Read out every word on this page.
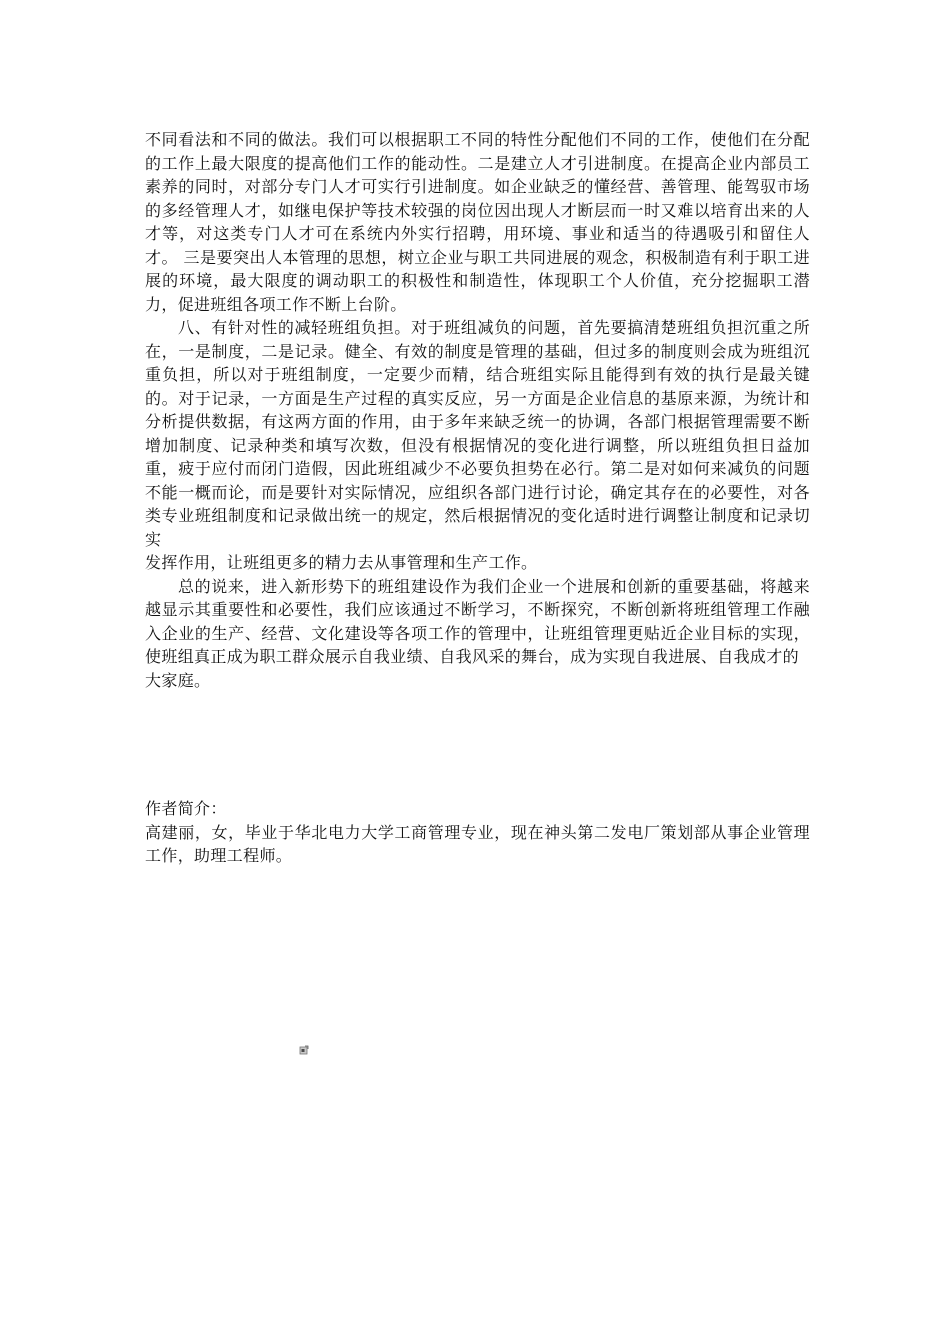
不同看法和不同的做法。我们可以根据职工不同的特性分配他们不同的工作，使他们在分配的工作上最大限度的提高他们工作的能动性。二是建立人才引进制度。在提高企业内部员工素养的同时，对部分专门人才可实行引进制度。如企业缺乏的懂经营、善管理、能驾驭市场的多经管理人才，如继电保护等技术较强的岗位因出现人才断层而一时又难以培育出来的人才等，对这类专门人才可在系统内外实行招聘，用环境、事业和适当的待遇吸引和留住人才。 三是要突出人本管理的思想，树立企业与职工共同进展的观念，积极制造有利于职工进展的环境，最大限度的调动职工的积极性和制造性，体现职工个人价值，充分挖掘职工潜力，促进班组各项工作不断上台阶。

八、有针对性的减轻班组负担。对于班组减负的问题，首先要搞清楚班组负担沉重之所在，一是制度，二是记录。健全、有效的制度是管理的基础，但过多的制度则会成为班组沉重负担，所以对于班组制度，一定要少而精，结合班组实际且能得到有效的执行是最关键的。对于记录，一方面是生产过程的真实反应，另一方面是企业信息的基原来源，为统计和分析提供数据，有这两方面的作用，由于多年来缺乏统一的协调，各部门根据管理需要不断增加制度、记录种类和填写次数，但没有根据情况的变化进行调整，所以班组负担日益加重，疲于应付而闭门造假，因此班组减少不必要负担势在必行。第二是对如何来减负的问题不能一概而论，而是要针对实际情况，应组织各部门进行讨论，确定其存在的必要性，对各类专业班组制度和记录做出统一的规定，然后根据情况的变化适时进行调整让制度和记录切实

发挥作用，让班组更多的精力去从事管理和生产工作。

总的说来，进入新形势下的班组建设作为我们企业一个进展和创新的重要基础，将越来越显示其重要性和必要性，我们应该通过不断学习，不断探究，不断创新将班组管理工作融入企业的生产、经营、文化建设等各项工作的管理中，让班组管理更贴近企业目标的实现，使班组真正成为职工群众展示自我业绩、自我风采的舞台，成为实现自我进展、自我成才的

大家庭。

作者简介：

高建丽，女，毕业于华北电力大学工商管理专业，现在神头第二发电厂策划部从事企业管理工作，助理工程师。
